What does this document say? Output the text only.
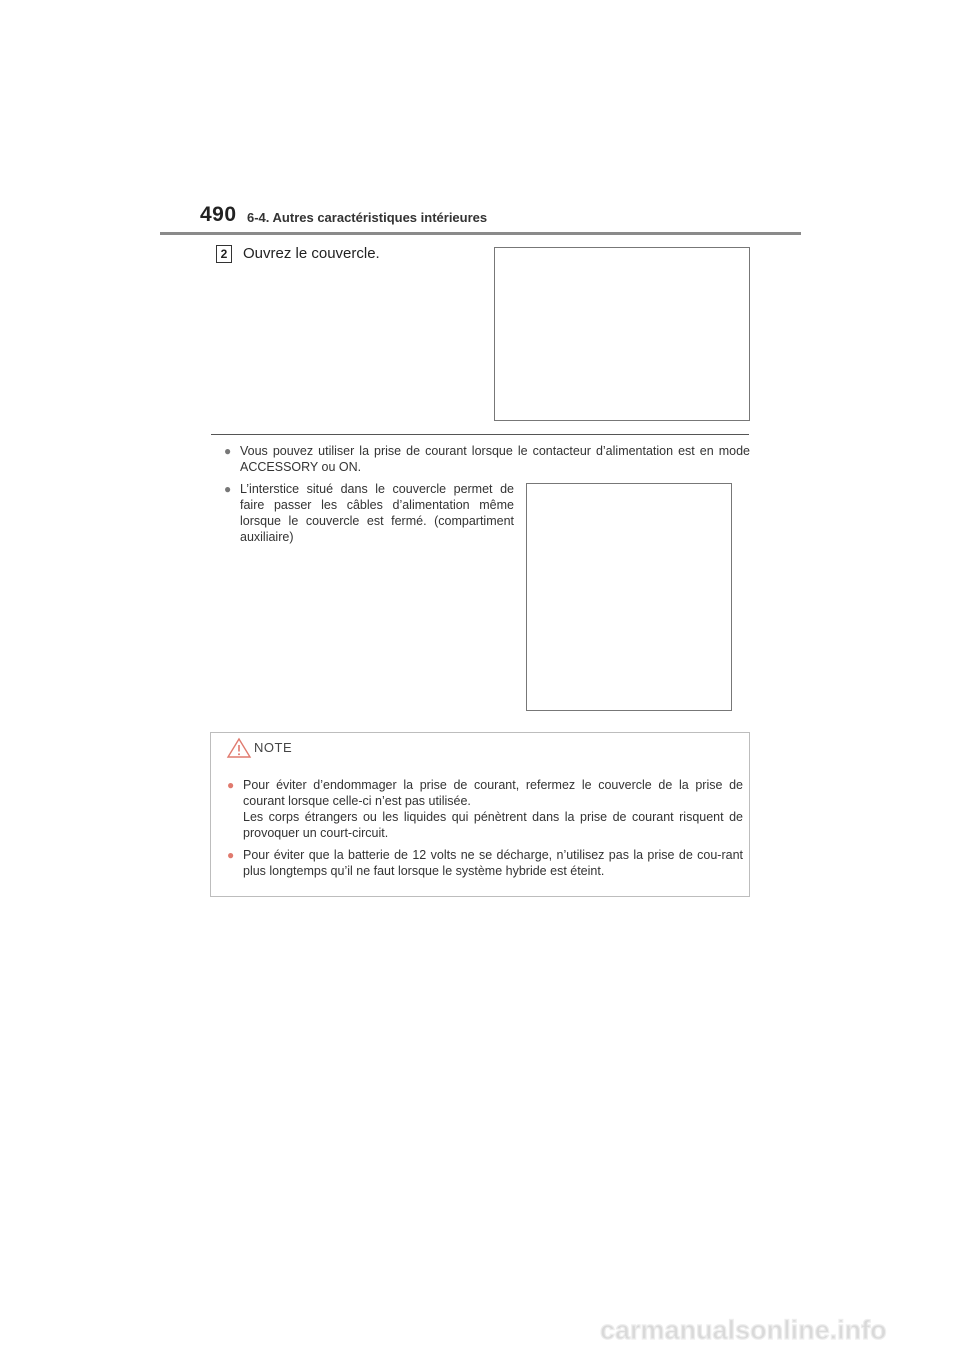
490 6-4. Autres caractéristiques intérieures
2	Ouvrez le couvercle.
● Vous pouvez utiliser la prise de courant lorsque le contacteur d’alimentation est en mode ACCESSORY ou ON.
● L’interstice situé dans le couvercle permet de faire passer les câbles d’alimentation même lorsque le couvercle est fermé. (compartiment auxiliaire)
NOTE
● Pour éviter d’endommager la prise de courant, refermez le couvercle de la prise de courant lorsque celle-ci n’est pas utilisée.
Les corps étrangers ou les liquides qui pénètrent dans la prise de courant risquent de provoquer un court-circuit.
● Pour éviter que la batterie de 12 volts ne se décharge, n’utilisez pas la prise de cou-rant plus longtemps qu’il ne faut lorsque le système hybride est éteint.
carmanualsonline.info
